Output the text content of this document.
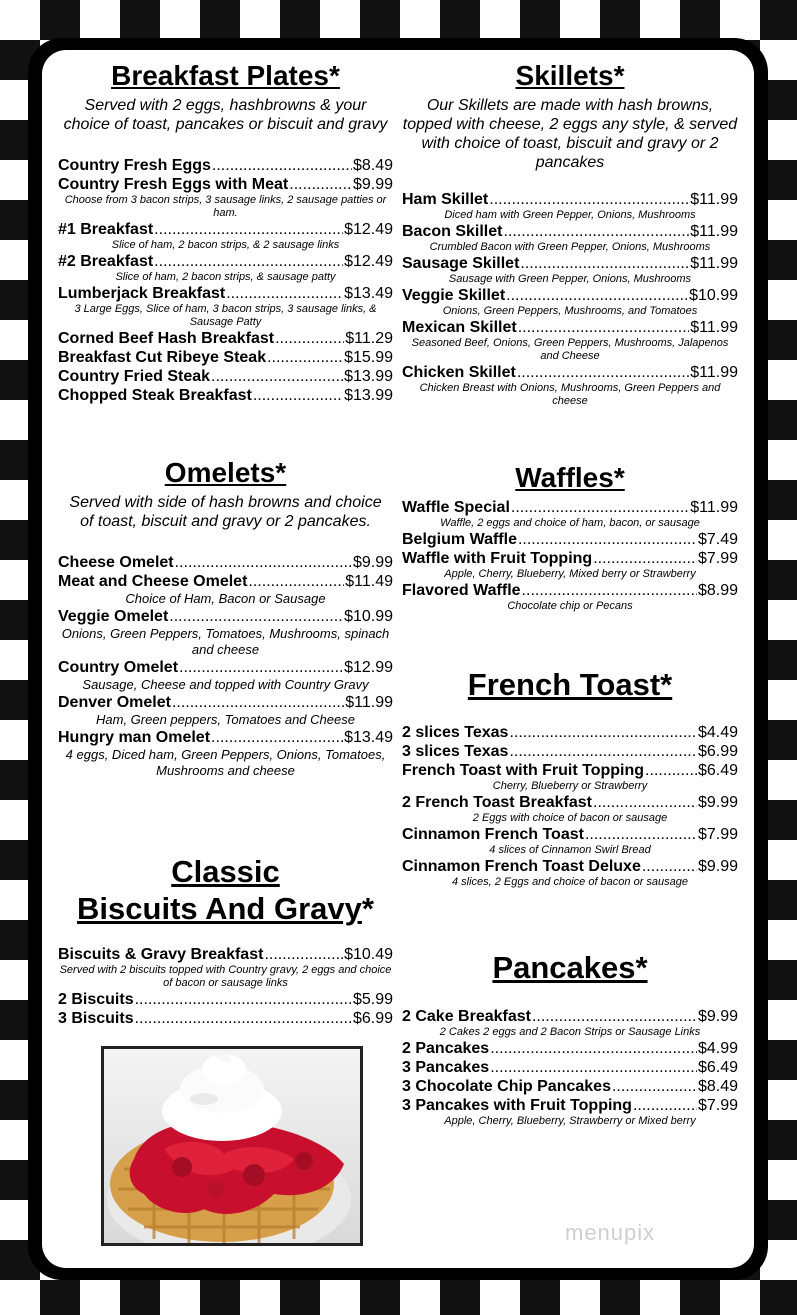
Breakfast Plates*

Served with 2 eggs, hashbrowns & your choice of toast, pancakes or biscuit and gravy

Country Fresh Eggs .....	$8.49
Country Fresh Eggs with Meat .....	$9.99
Choose from 3 bacon strips, 3 sausage links, 2 sausage patties or ham.
#1 Breakfast .....	$12.49
Slice of ham, 2 bacon strips, & 2 sausage links
#2 Breakfast .....	$12.49
Slice of ham, 2 bacon strips, & sausage patty
Lumberjack Breakfast .....	$13.49
3 Large Eggs, Slice of ham, 3 bacon strips, 3 sausage links, & Sausage Patty
Corned Beef Hash Breakfast .....	$11.29
Breakfast Cut Ribeye Steak .....	$15.99
Country Fried Steak .....	$13.99
Chopped Steak Breakfast .....	$13.99
Omelets*

Served with side of hash browns and choice of toast, biscuit and gravy or 2 pancakes.

Cheese Omelet .....	$9.99
Meat and Cheese Omelet .....	$11.49
Choice of Ham, Bacon or Sausage
Veggie Omelet .....	$10.99
Onions, Green Peppers, Tomatoes, Mushrooms, spinach and cheese
Country Omelet .....	$12.99
Sausage, Cheese and topped with Country Gravy
Denver Omelet .....	$11.99
Ham, Green peppers, Tomatoes and Cheese
Hungry man Omelet .....	$13.49
4 eggs, Diced ham, Green Peppers, Onions, Tomatoes, Mushrooms and cheese
Classic
Biscuits And Gravy*
Biscuits & Gravy Breakfast .....	$10.49
Served with 2 biscuits topped with Country gravy, 2 eggs and choice of bacon or sausage links
2 Biscuits .....	$5.99
3 Biscuits .....	$6.99
Skillets*

Our Skillets are made with hash browns, topped with cheese, 2 eggs any style, & served with choice of toast, biscuit and gravy or 2 pancakes

Ham Skillet .....	$11.99
Diced ham with Green Pepper, Onions, Mushrooms
Bacon Skillet .....	$11.99
Crumbled Bacon with Green Pepper, Onions, Mushrooms
Sausage Skillet .....	$11.99
Sausage with Green Pepper, Onions, Mushrooms
Veggie Skillet .....	$10.99
Onions, Green Peppers, Mushrooms, and Tomatoes
Mexican Skillet .....	$11.99
Seasoned Beef, Onions, Green Peppers, Mushrooms, Jalapenos and Cheese
Chicken Skillet .....	$11.99
Chicken Breast with Onions, Mushrooms, Green Peppers and cheese
Waffles*
Waffle Special .....	$11.99
Waffle, 2 eggs and choice of ham, bacon, or sausage
Belgium Waffle .....	$7.49
Waffle with Fruit Topping .....	$7.99
Apple, Cherry, Blueberry, Mixed berry or Strawberry
Flavored Waffle .....	$8.99
Chocolate chip or Pecans
French Toast*
2 slices Texas .....	$4.49
3 slices Texas .....	$6.99
French Toast with Fruit Topping .....	$6.49
Cherry, Blueberry or Strawberry
2 French Toast Breakfast .....	$9.99
2 Eggs with choice of bacon or sausage
Cinnamon French Toast .....	$7.99
4 slices of Cinnamon Swirl Bread
Cinnamon French Toast Deluxe .....	$9.99
4 slices, 2 Eggs and choice of bacon or sausage
Pancakes*
2 Cake Breakfast .....	$9.99
2 Cakes 2 eggs and 2 Bacon Strips or Sausage Links
2 Pancakes .....	$4.99
3 Pancakes .....	$6.49
3 Chocolate Chip Pancakes .....	$8.49
3 Pancakes with Fruit Topping .....	$7.99
Apple, Cherry, Blueberry, Strawberry or Mixed berry
menupix
